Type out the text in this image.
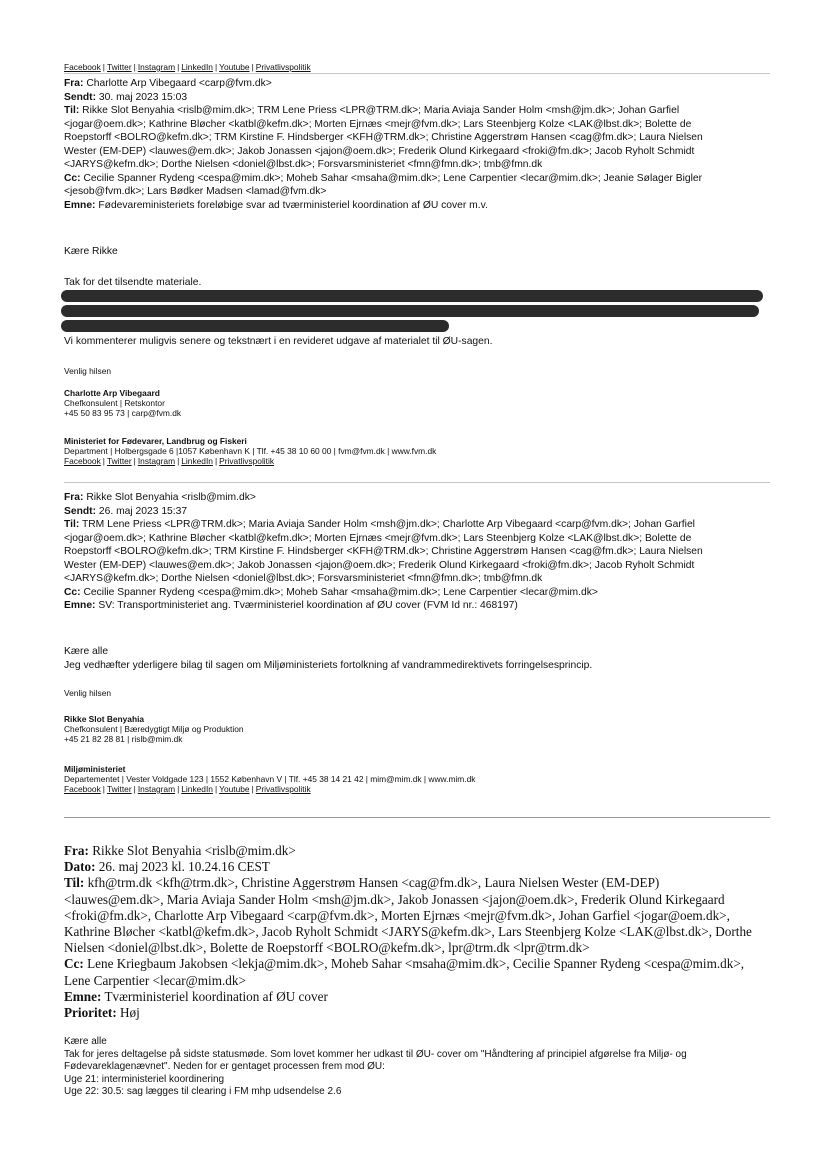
Facebook | Twitter | Instagram | LinkedIn | Youtube | Privatlivspolitik
Fra: Charlotte Arp Vibegaard <carp@fvm.dk>
Sendt: 30. maj 2023 15:03
Til: Rikke Slot Benyahia <rislb@mim.dk>; TRM Lene Priess <LPR@TRM.dk>; Maria Aviaja Sander Holm <msh@jm.dk>; Johan Garfiel
<jogar@oem.dk>; Kathrine Bløcher <katbl@kefm.dk>; Morten Ejrnæs <mejr@fvm.dk>; Lars Steenbjerg Kolze <LAK@lbst.dk>; Bolette de
Roepstorff <BOLRO@kefm.dk>; TRM Kirstine F. Hindsberger <KFH@TRM.dk>; Christine Aggerstrøm Hansen <cag@fm.dk>; Laura Nielsen
Wester (EM-DEP) <lauwes@em.dk>; Jakob Jonassen <jajon@oem.dk>; Frederik Olund Kirkegaard <froki@fm.dk>; Jacob Ryholt Schmidt
<JARYS@kefm.dk>; Dorthe Nielsen <doniel@lbst.dk>; Forsvarsministeriet <fmn@fmn.dk>; tmb@fmn.dk
Cc: Cecilie Spanner Rydeng <cespa@mim.dk>; Moheb Sahar <msaha@mim.dk>; Lene Carpentier <lecar@mim.dk>; Jeanie Sølager Bigler
<jesob@fvm.dk>; Lars Bødker Madsen <lamad@fvm.dk>
Emne: Fødevareministeriets foreløbige svar ad tværministeriel koordination af ØU cover m.v.
Kære Rikke
Tak for det tilsendte materiale.
Vi kommenterer muligvis senere og tekstnært i en revideret udgave af materialet til ØU-sagen.
Venlig hilsen
Charlotte Arp Vibegaard
Chefkonsulent | Retskontor
+45 50 83 95 73 | carp@fvm.dk
Ministeriet for Fødevarer, Landbrug og Fiskeri
Department | Holbergsgade 6 |1057 København K | Tlf. +45 38 10 60 00 | fvm@fvm.dk | www.fvm.dk
Facebook | Twitter | Instagram | LinkedIn | Privatlivspolitik
Fra: Rikke Slot Benyahia <rislb@mim.dk>
Sendt: 26. maj 2023 15:37
Til: TRM Lene Priess <LPR@TRM.dk>; Maria Aviaja Sander Holm <msh@jm.dk>; Charlotte Arp Vibegaard <carp@fvm.dk>; Johan Garfiel
<jogar@oem.dk>; Kathrine Bløcher <katbl@kefm.dk>; Morten Ejrnæs <mejr@fvm.dk>; Lars Steenbjerg Kolze <LAK@lbst.dk>; Bolette de
Roepstorff <BOLRO@kefm.dk>; TRM Kirstine F. Hindsberger <KFH@TRM.dk>; Christine Aggerstrøm Hansen <cag@fm.dk>; Laura Nielsen
Wester (EM-DEP) <lauwes@em.dk>; Jakob Jonassen <jajon@oem.dk>; Frederik Olund Kirkegaard <froki@fm.dk>; Jacob Ryholt Schmidt
<JARYS@kefm.dk>; Dorthe Nielsen <doniel@lbst.dk>; Forsvarsministeriet <fmn@fmn.dk>; tmb@fmn.dk
Cc: Cecilie Spanner Rydeng <cespa@mim.dk>; Moheb Sahar <msaha@mim.dk>; Lene Carpentier <lecar@mim.dk>
Emne: SV: Transportministeriet ang. Tværministeriel koordination af ØU cover (FVM Id nr.: 468197)
Kære alle
Jeg vedhæfter yderligere bilag til sagen om Miljøministeriets fortolkning af vandrammedirektivets forringelsesprincip.
Venlig hilsen
Rikke Slot Benyahia
Chefkonsulent | Bæredygtigt Miljø og Produktion
+45 21 82 28 81 | rislb@mim.dk
Miljøministeriet
Departementet | Vester Voldgade 123 | 1552 København V | Tlf. +45 38 14 21 42 | mim@mim.dk | www.mim.dk
Facebook | Twitter | Instagram | LinkedIn | Youtube | Privatlivspolitik
Fra: Rikke Slot Benyahia <rislb@mim.dk>
Dato: 26. maj 2023 kl. 10.24.16 CEST
Til: kfh@trm.dk <kfh@trm.dk>, Christine Aggerstrøm Hansen <cag@fm.dk>, Laura Nielsen Wester (EM-DEP)
<lauwes@em.dk>, Maria Aviaja Sander Holm <msh@jm.dk>, Jakob Jonassen <jajon@oem.dk>, Frederik Olund Kirkegaard
<froki@fm.dk>, Charlotte Arp Vibegaard <carp@fvm.dk>, Morten Ejrnæs <mejr@fvm.dk>, Johan Garfiel <jogar@oem.dk>,
Kathrine Bløcher <katbl@kefm.dk>, Jacob Ryholt Schmidt <JARYS@kefm.dk>, Lars Steenbjerg Kolze <LAK@lbst.dk>, Dorthe
Nielsen <doniel@lbst.dk>, Bolette de Roepstorff <BOLRO@kefm.dk>, lpr@trm.dk <lpr@trm.dk>
Cc: Lene Kriegbaum Jakobsen <lekja@mim.dk>, Moheb Sahar <msaha@mim.dk>, Cecilie Spanner Rydeng <cespa@mim.dk>,
Lene Carpentier <lecar@mim.dk>
Emne: Tværministeriel koordination af ØU cover
Prioritet: Høj
Kære alle
Tak for jeres deltagelse på sidste statusmøde. Som lovet kommer her udkast til ØU- cover om "Håndtering af principiel afgørelse fra Miljø- og
Fødevareklagenævnet". Neden for er gentaget processen frem mod ØU:
Uge 21: interministeriel koordinering
Uge 22: 30.5: sag lægges til clearing i FM mhp udsendelse 2.6
